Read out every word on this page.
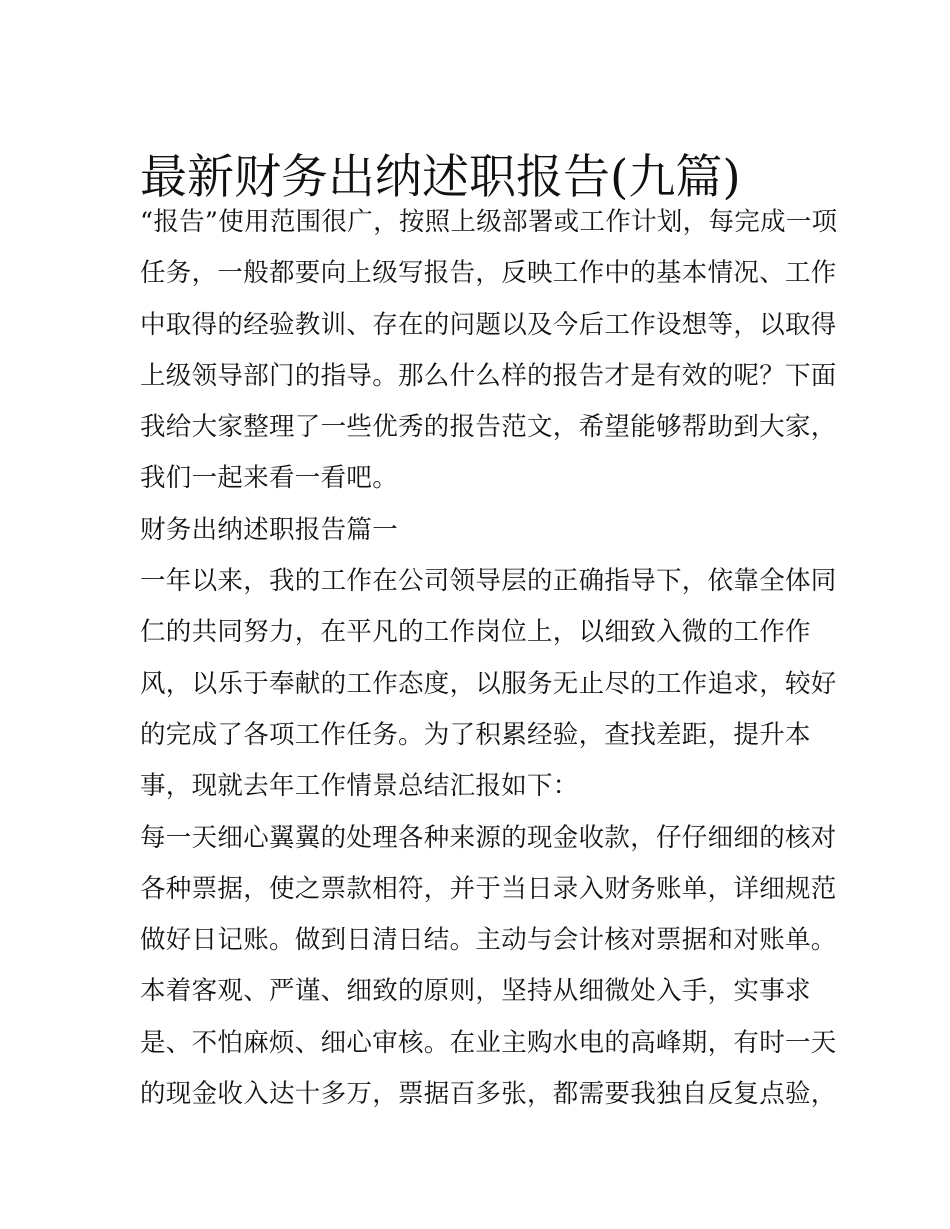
最新财务出纳述职报告(九篇)
“报告”使用范围很广，按照上级部署或工作计划，每完成一项
任务，一般都要向上级写报告，反映工作中的基本情况、工作
中取得的经验教训、存在的问题以及今后工作设想等，以取得
上级领导部门的指导。那么什么样的报告才是有效的呢？下面
我给大家整理了一些优秀的报告范文，希望能够帮助到大家，
我们一起来看一看吧。
财务出纳述职报告篇一
一年以来，我的工作在公司领导层的正确指导下，依靠全体同
仁的共同努力，在平凡的工作岗位上，以细致入微的工作作
风，以乐于奉献的工作态度，以服务无止尽的工作追求，较好
的完成了各项工作任务。为了积累经验，查找差距，提升本
事，现就去年工作情景总结汇报如下：
每一天细心翼翼的处理各种来源的现金收款，仔仔细细的核对
各种票据，使之票款相符，并于当日录入财务账单，详细规范
做好日记账。做到日清日结。主动与会计核对票据和对账单。
本着客观、严谨、细致的原则，坚持从细微处入手，实事求
是、不怕麻烦、细心审核。在业主购水电的高峰期，有时一天
的现金收入达十多万，票据百多张，都需要我独自反复点验，
